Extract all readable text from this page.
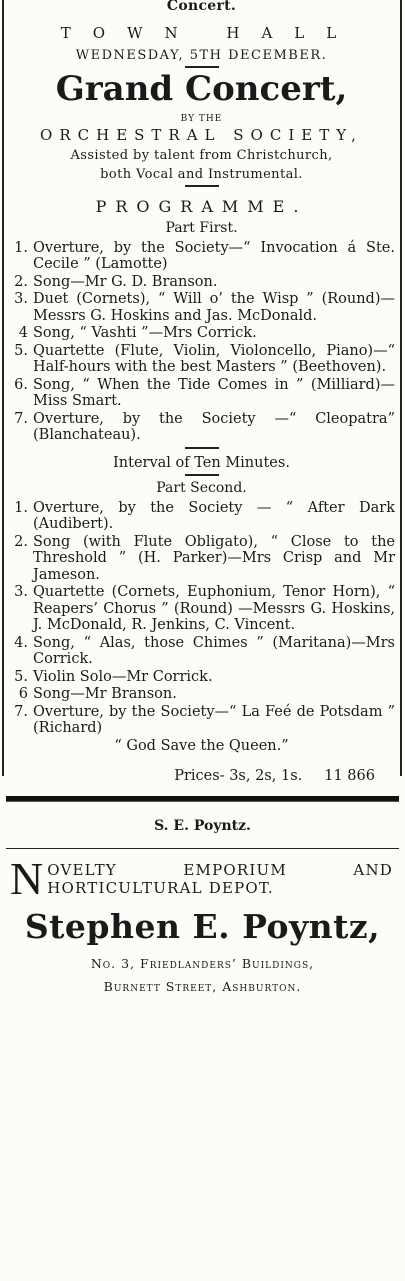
Concert.
TOWN HALL
WEDNESDAY, 5TH DECEMBER.
Grand Concert,
BY THE
ORCHESTRAL SOCIETY,
Assisted by talent from Christchurch,
both Vocal and Instrumental.
PROGRAMME.
Part First.
1. Overture, by the Society—“ Invocation á Ste. Cecile ” (Lamotte)
2. Song—Mr G. D. Branson.
3. Duet (Cornets), “ Will o’ the Wisp ” (Round)—Messrs G. Hoskins and Jas. McDonald.
4 Song, “ Vashti ”—Mrs Corrick.
5. Quartette (Flute, Violin, Violoncello, Piano)—“ Half-hours with the best Masters ” (Beethoven).
6. Song, “ When the Tide Comes in ” (Milliard)—Miss Smart.
7. Overture, by the Society —“ Cleopatra” (Blanchateau).
Interval of Ten Minutes.
Part Second.
1. Overture, by the Society — “ After Dark (Audibert).
2. Song (with Flute Obligato), “ Close to the Threshold ” (H. Parker)—Mrs Crisp and Mr Jameson.
3. Quartette (Cornets, Euphonium, Tenor Horn), “ Reapers’ Chorus ” (Round) —Messrs G. Hoskins, J. McDonald, R. Jenkins, C. Vincent.
4. Song, “ Alas, those Chimes ” (Maritana)—Mrs Corrick.
5. Violin Solo—Mr Corrick.
6 Song—Mr Branson.
7. Overture, by the Society—“ La Feé de Potsdam ” (Richard)
“ God Save the Queen.”
Prices- 3s, 2s, 1s. 11 866
S. E. Poyntz.
N OVELTY	EMPORIUM	AND
HORTICULTURAL DEPOT.
Stephen E. Poyntz,
No. 3, Friedlanders’ Buildings,
Burnett Street, Ashburton.
